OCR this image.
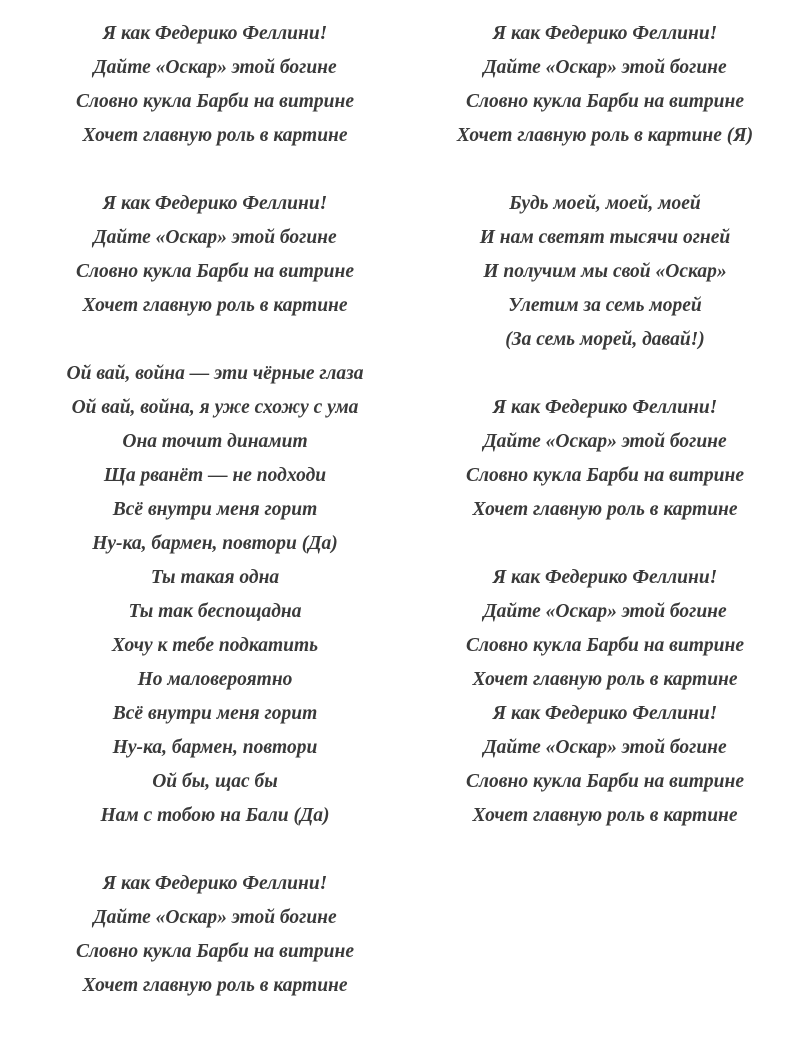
Я как Федерико Феллини!
Дайте «Оскар» этой богине
Словно кукла Барби на витрине
Хочет главную роль в картине
Я как Федерико Феллини!
Дайте «Оскар» этой богине
Словно кукла Барби на витрине
Хочет главную роль в картине
Ой вай, война — эти чёрные глаза
Ой вай, война, я уже схожу с ума
Она точит динамит
Ща рванёт — не подходи
Всё внутри меня горит
Ну-ка, бармен, повтори (Да)
Ты такая одна
Ты так беспощадна
Хочу к тебе подкатить
Но маловероятно
Всё внутри меня горит
Ну-ка, бармен, повтори
Ой бы, щас бы
Нам с тобою на Бали (Да)
Я как Федерико Феллини!
Дайте «Оскар» этой богине
Словно кукла Барби на витрине
Хочет главную роль в картине
Я как Федерико Феллини!
Дайте «Оскар» этой богине
Словно кукла Барби на витрине
Хочет главную роль в картине (Я)
Будь моей, моей, моей
И нам светят тысячи огней
И получим мы свой «Оскар»
Улетим за семь морей
(За семь морей, давай!)
Я как Федерико Феллини!
Дайте «Оскар» этой богине
Словно кукла Барби на витрине
Хочет главную роль в картине
Я как Федерико Феллини!
Дайте «Оскар» этой богине
Словно кукла Барби на витрине
Хочет главную роль в картине
Я как Федерико Феллини!
Дайте «Оскар» этой богине
Словно кукла Барби на витрине
Хочет главную роль в картине
